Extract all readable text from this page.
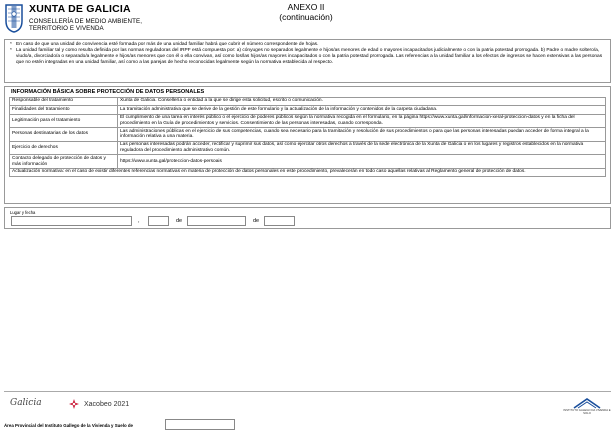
XUNTA DE GALICIA
CONSELLERÍA DE MEDIO AMBIENTE,
TERRITORIO E VIVENDA
ANEXO II
(continuación)
* En caso de que una unidad de convivencia esté formada por más de una unidad familiar habrá que cubrir el número correspondente de hojas.
* La unidad familiar tal y como resulta definida por las normas reguladoras del IRPF está compuesta por: a) cónyuges no separados legalmente e hijos/as menores de edad o mayores incapacitados judicialmente o con la patria potestad prorrogada. b) Padre o madre soltero/a, viudo/a, divorciado/a o separado/a legalmente e hijos/as menores que con él o ella convivan, así como los/las hijos/as mayores incapacitados o con la patria potestad prorrogada. Las referencias a la unidad familiar a los efectos de ingresos se hacen extensivas a las personas que no estén integradas en una unidad familiar, así como a las parejas de hecho reconocidas legalmente según la normativa establecida al respecto.
INFORMACIÓN BÁSICA SOBRE PROTECCIÓN DE DATOS PERSONALES
Responsable del tratamiento	Xunta de Galicia. Consellería o entidad a la que se dirige esta solicitud, escrito o comunicación.
Finalidades del tratamiento	La tramitación administrativa que se derive de la gestión de este formulario y la actualización de la información y contenidos de la carpeta ciudadana.
Legitimación para el tratamiento	El cumplimiento de una tarea en interés público o el ejercicio de poderes públicos según la normativa recogida en el formulario, en la página https://www.xunta.gal/informacion-xeral-proteccion-datos y en la ficha del procedimiento en la Guía de procedimientos y servicios. Consentimiento de las personas interesadas, cuando corresponda.
Personas destinatarias de los datos	Las administraciones públicas en el ejercicio de sus competencias, cuando sea necesario para la tramitación y resolución de sus procedimientos o para que las personas interesadas puedan acceder de forma integral a la información relativa a una materia.
Ejercicio de derechos	Las personas interesadas podrán acceder, rectificar y suprimir sus datos, así como ejercitar otros derechos a través de la sede electrónica de la Xunta de Galicia o en los lugares y registros establecidos en la normativa reguladora del procedimiento administrativo común.
Contacto delegado de protección de datos y más información	https://www.xunta.gal/proteccion-datos-persoais
Actualización normativa: en el caso de existir diferentes referencias normativas en materia de protección de datos personales en este procedimiento, prevalecerán en todo caso aquellas relativas al Reglamento general de protección de datos.	
Lugar y fecha
,	de	de
Galicia	Xacobeo 2021
INSTITUTO GALEGO DA VIVENDA E SOLO
Área Provincial del Instituto Gallego de la Vivienda y Suelo de
